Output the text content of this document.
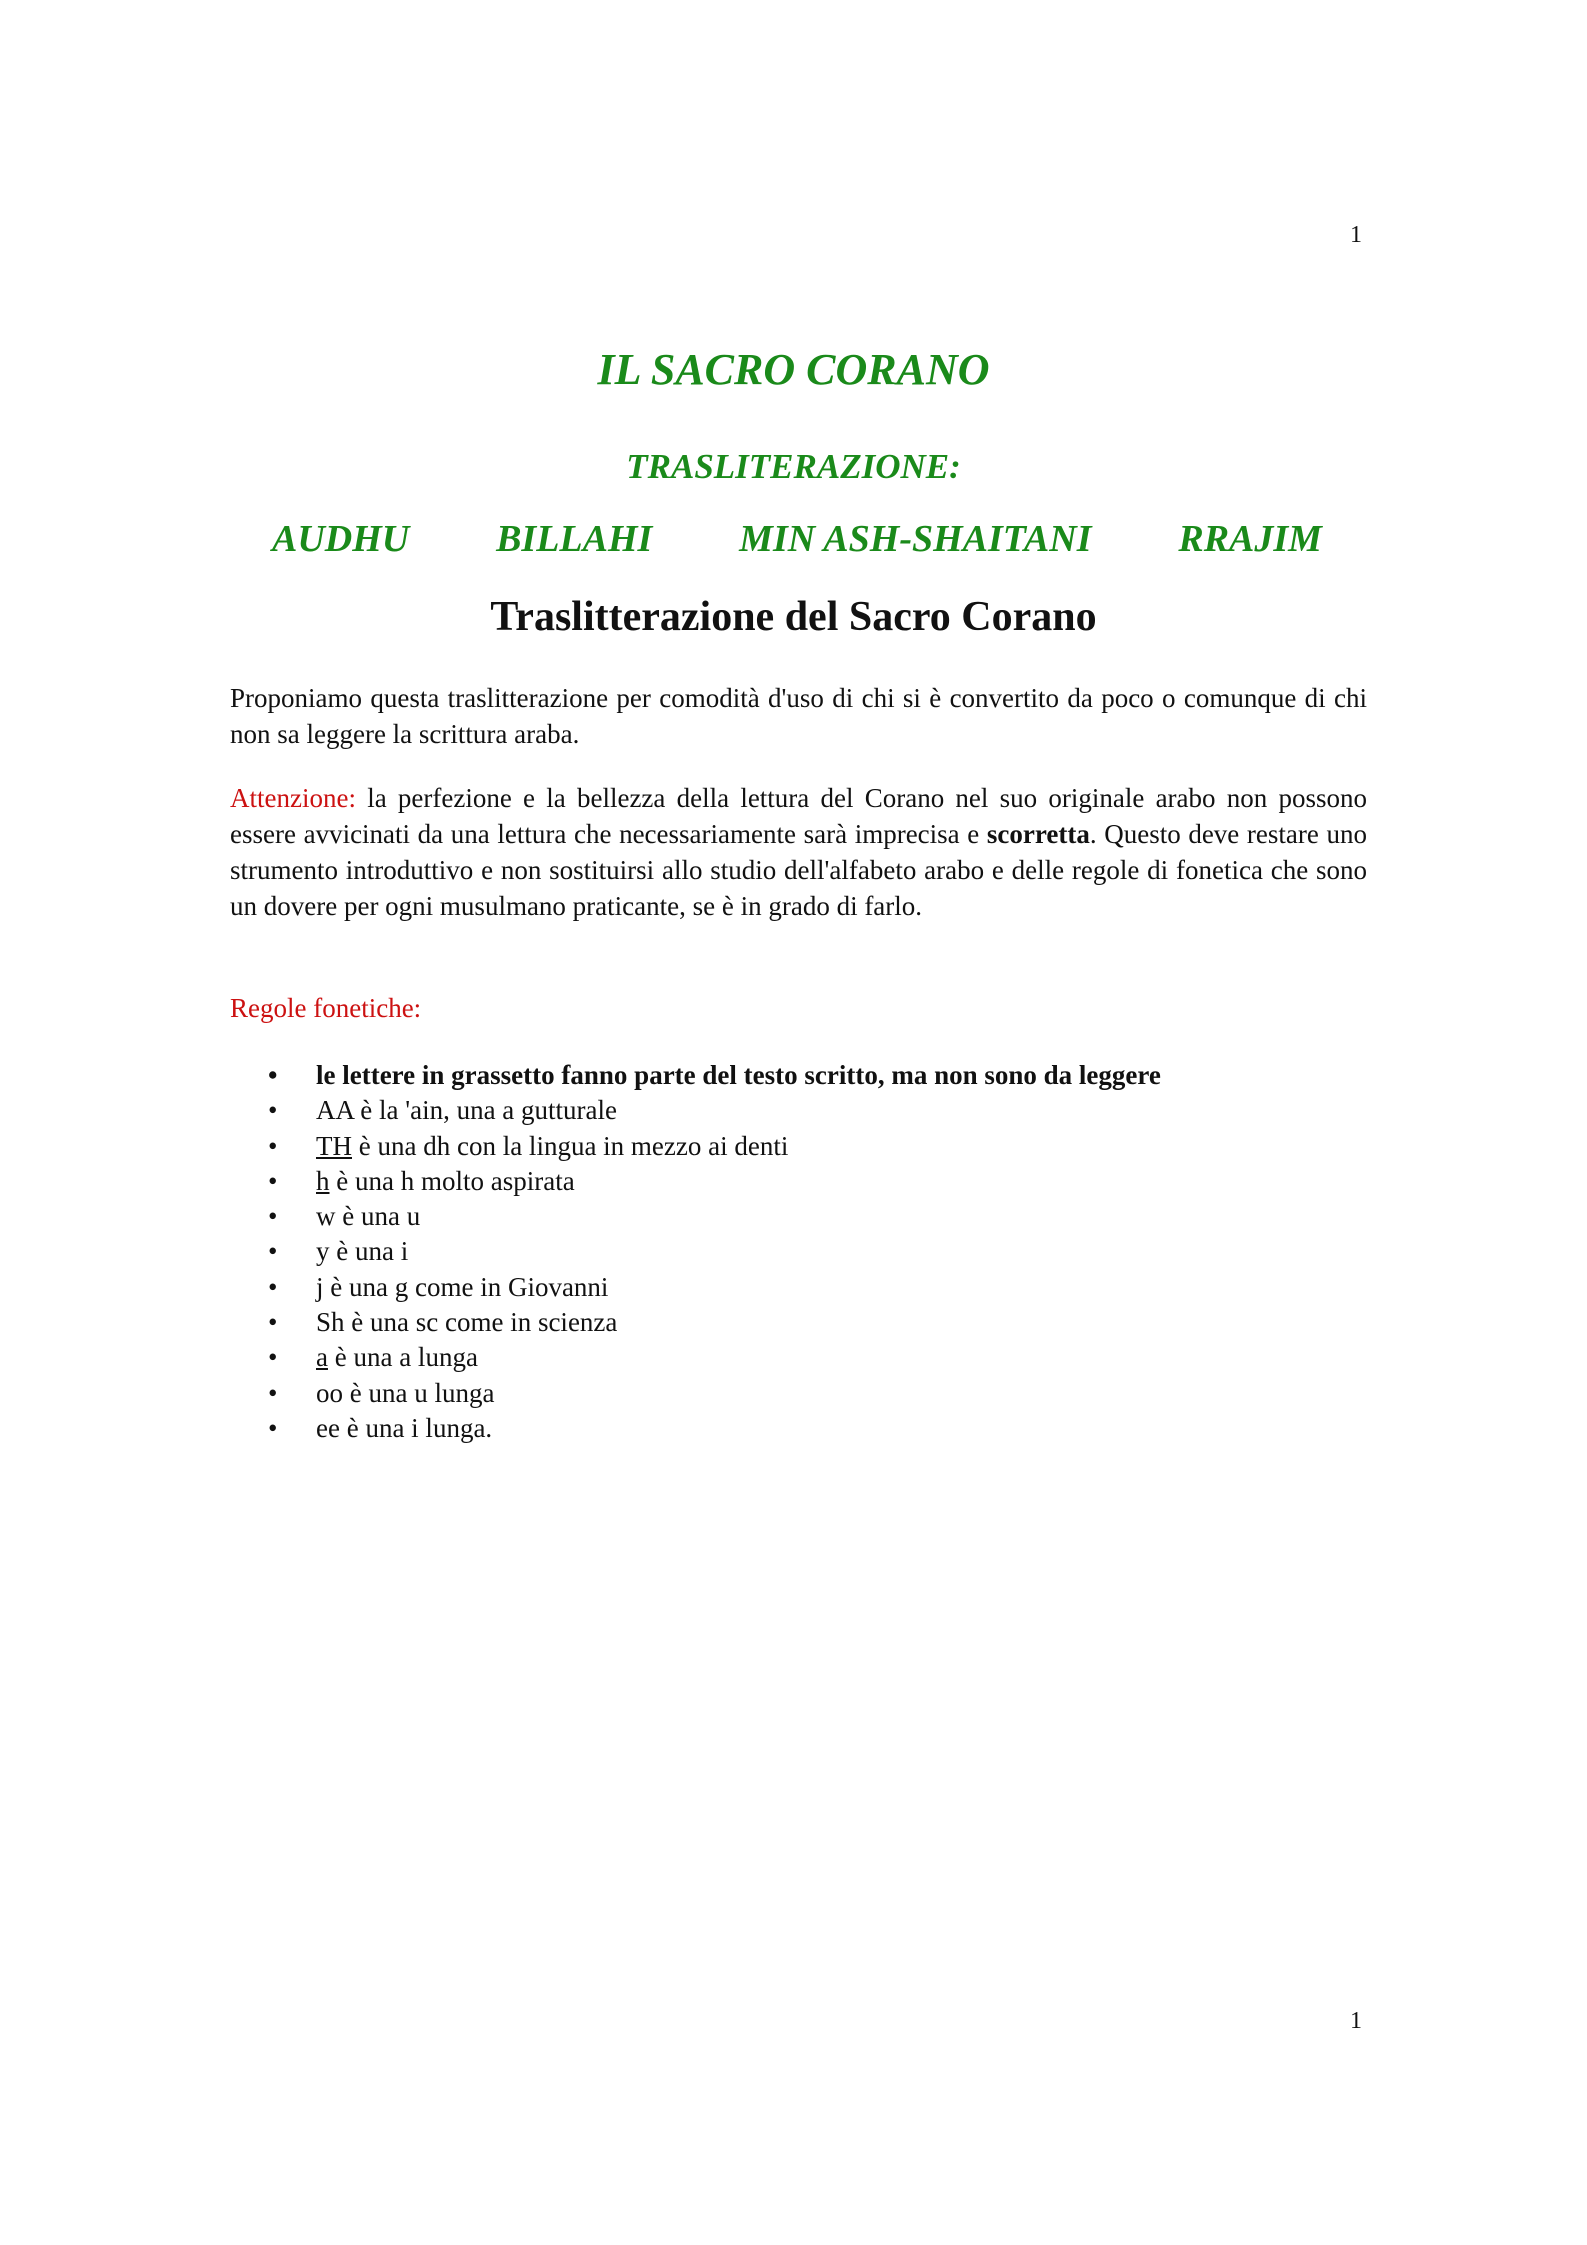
1
IL SACRO CORANO
TRASLITERAZIONE:
AUDHU BILLAHI MIN ASH-SHAITANI RRAJIM
Traslitterazione del Sacro Corano

Proponiamo questa traslitterazione per comodità d'uso di chi si è convertito da poco o comunque di chi non sa leggere la scrittura araba.

Attenzione: la perfezione e la bellezza della lettura del Corano nel suo originale arabo non possono essere avvicinati da una lettura che necessariamente sarà imprecisa e scorretta. Questo deve restare uno strumento introduttivo e non sostituirsi allo studio dell'alfabeto arabo e delle regole di fonetica che sono un dovere per ogni musulmano praticante, se è in grado di farlo.

Regole fonetiche:

• le lettere in grassetto fanno parte del testo scritto, ma non sono da leggere
• AA è la 'ain, una a gutturale
• TH è una dh con la lingua in mezzo ai denti
• h è una h molto aspirata
• w è una u
• y è una i
• j è una g come in Giovanni
• Sh è una sc come in scienza
• a è una a lunga
• oo è una u lunga
• ee è una i lunga.
1
